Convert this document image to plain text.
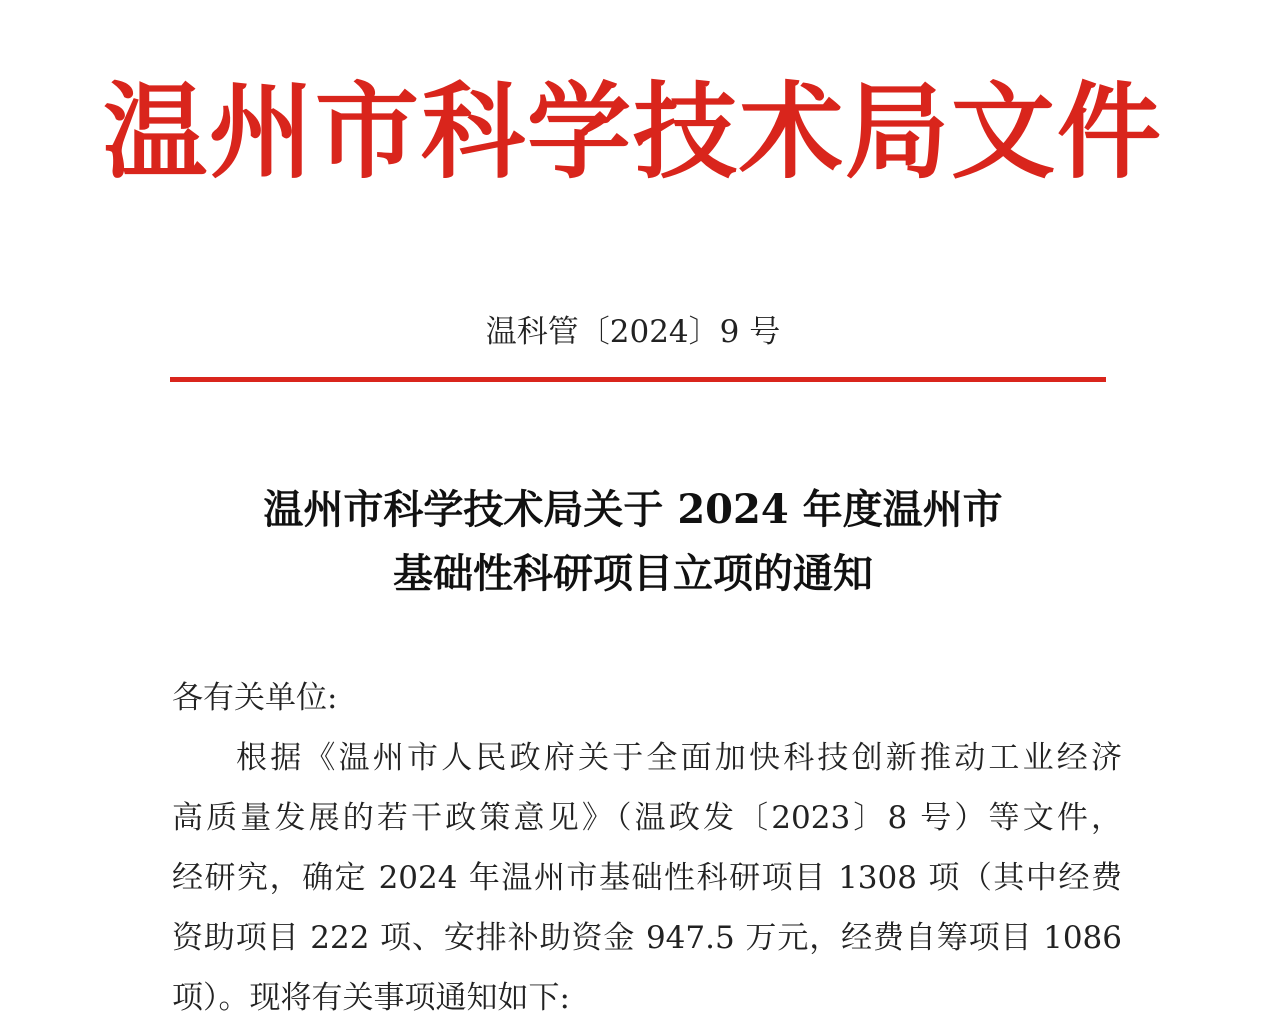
温州市科学技术局文件
温科管〔2024〕9 号
温州市科学技术局关于 2024 年度温州市
基础性科研项目立项的通知
各有关单位:
根据《温州市人民政府关于全面加快科技创新推动工业经济
高质量发展的若干政策意见》（温政发〔2023〕8 号）等文件，
经研究，确定 2024 年温州市基础性科研项目 1308 项（其中经费
资助项目 222 项、安排补助资金 947.5 万元，经费自筹项目 1086
项）。现将有关事项通知如下:
